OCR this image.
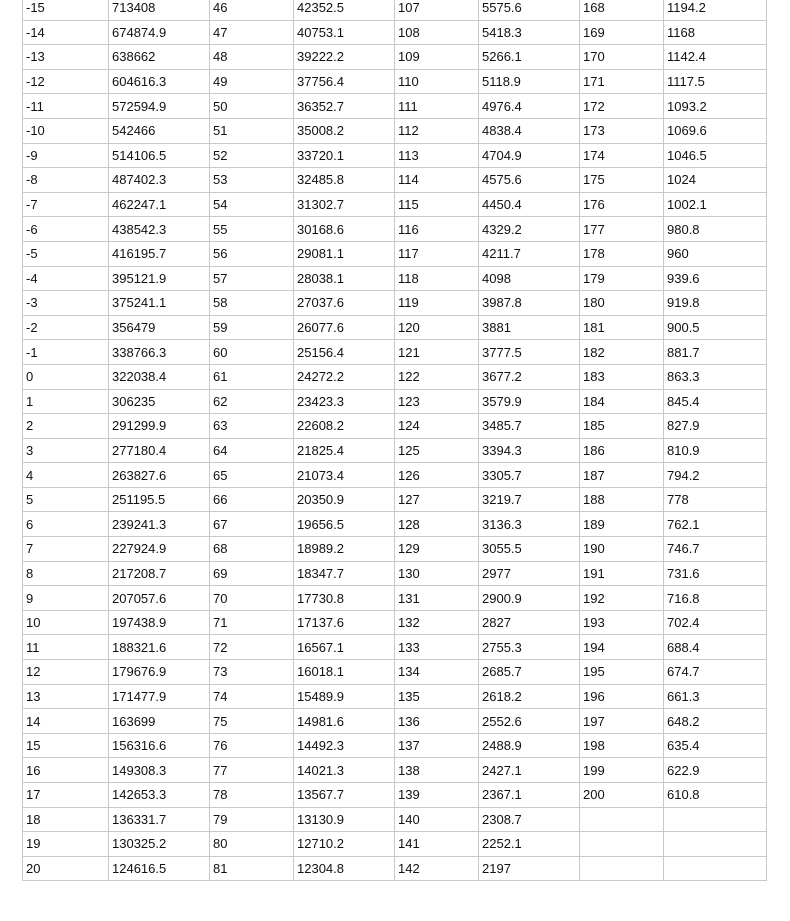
-15	713408	46	42352.5	107	5575.6	168	1194.2
-14	674874.9	47	40753.1	108	5418.3	169	1168
-13	638662	48	39222.2	109	5266.1	170	1142.4
-12	604616.3	49	37756.4	110	5118.9	171	1117.5
-11	572594.9	50	36352.7	111	4976.4	172	1093.2
-10	542466	51	35008.2	112	4838.4	173	1069.6
-9	514106.5	52	33720.1	113	4704.9	174	1046.5
-8	487402.3	53	32485.8	114	4575.6	175	1024
-7	462247.1	54	31302.7	115	4450.4	176	1002.1
-6	438542.3	55	30168.6	116	4329.2	177	980.8
-5	416195.7	56	29081.1	117	4211.7	178	960
-4	395121.9	57	28038.1	118	4098	179	939.6
-3	375241.1	58	27037.6	119	3987.8	180	919.8
-2	356479	59	26077.6	120	3881	181	900.5
-1	338766.3	60	25156.4	121	3777.5	182	881.7
0	322038.4	61	24272.2	122	3677.2	183	863.3
1	306235	62	23423.3	123	3579.9	184	845.4
2	291299.9	63	22608.2	124	3485.7	185	827.9
3	277180.4	64	21825.4	125	3394.3	186	810.9
4	263827.6	65	21073.4	126	3305.7	187	794.2
5	251195.5	66	20350.9	127	3219.7	188	778
6	239241.3	67	19656.5	128	3136.3	189	762.1
7	227924.9	68	18989.2	129	3055.5	190	746.7
8	217208.7	69	18347.7	130	2977	191	731.6
9	207057.6	70	17730.8	131	2900.9	192	716.8
10	197438.9	71	17137.6	132	2827	193	702.4
11	188321.6	72	16567.1	133	2755.3	194	688.4
12	179676.9	73	16018.1	134	2685.7	195	674.7
13	171477.9	74	15489.9	135	2618.2	196	661.3
14	163699	75	14981.6	136	2552.6	197	648.2
15	156316.6	76	14492.3	137	2488.9	198	635.4
16	149308.3	77	14021.3	138	2427.1	199	622.9
17	142653.3	78	13567.7	139	2367.1	200	610.8
18	136331.7	79	13130.9	140	2308.7		
19	130325.2	80	12710.2	141	2252.1		
20	124616.5	81	12304.8	142	2197		
